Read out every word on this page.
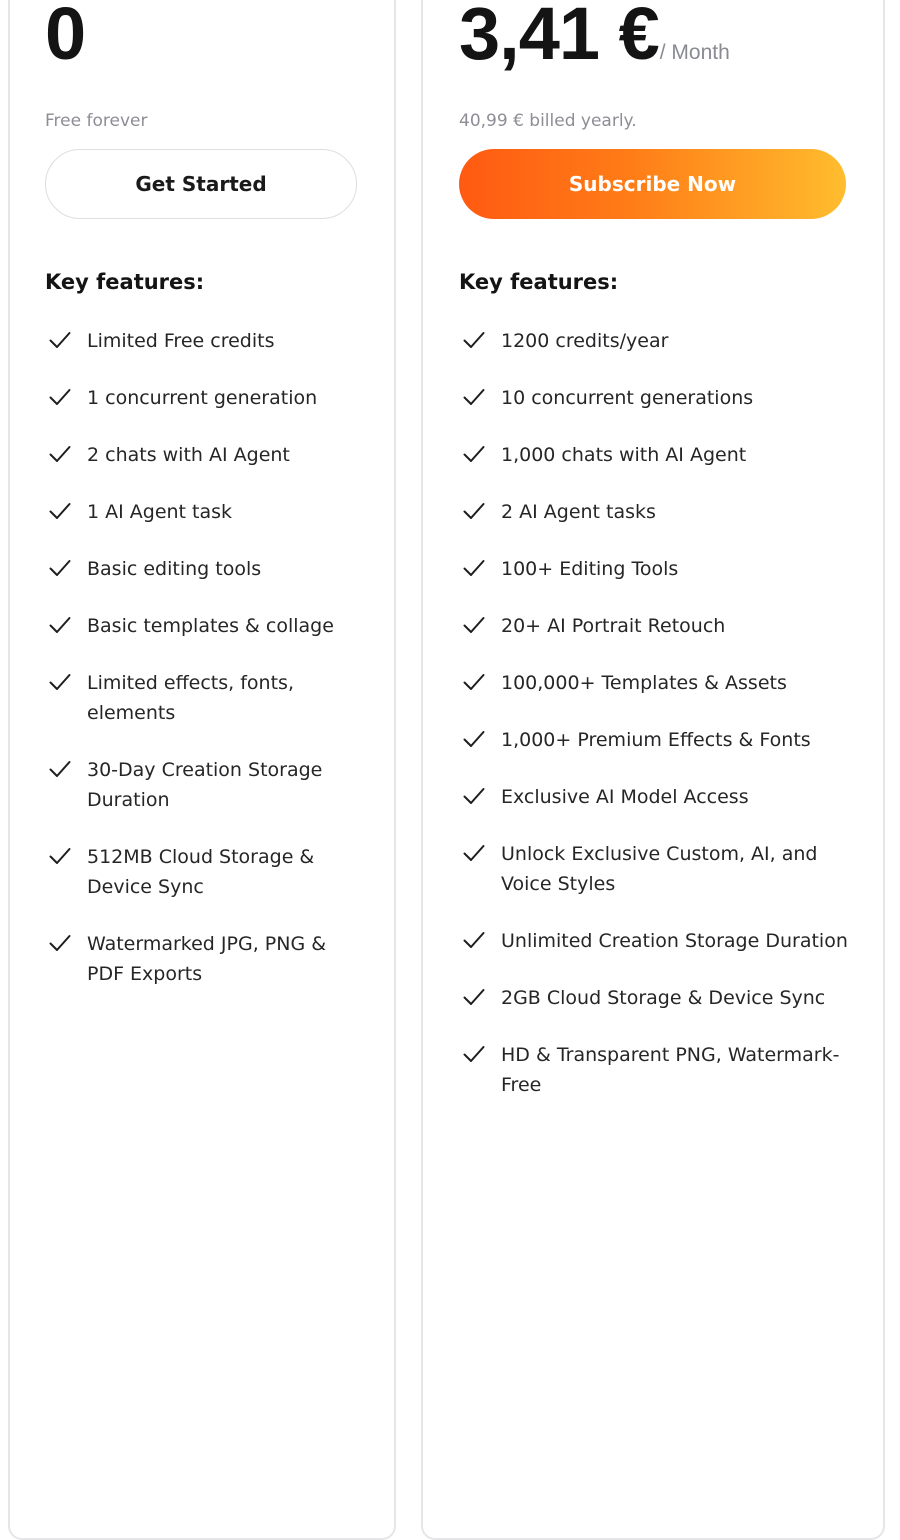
0	3,41 €/ Month
Free forever	40,99 € billed yearly.
Get Started	Subscribe Now
Key features:	Key features:
Limited Free credits
1 concurrent generation
2 chats with AI Agent
1 AI Agent task
Basic editing tools
Basic templates & collage
Limited effects, fonts, elements
30-Day Creation Storage Duration
512MB Cloud Storage & Device Sync
Watermarked JPG, PNG & PDF Exports
1200 credits/year
10 concurrent generations
1,000 chats with AI Agent
2 AI Agent tasks
100+ Editing Tools
20+ AI Portrait Retouch
100,000+ Templates & Assets
1,000+ Premium Effects & Fonts
Exclusive AI Model Access
Unlock Exclusive Custom, AI, and Voice Styles
Unlimited Creation Storage Duration
2GB Cloud Storage & Device Sync
HD & Transparent PNG, Watermark-Free
